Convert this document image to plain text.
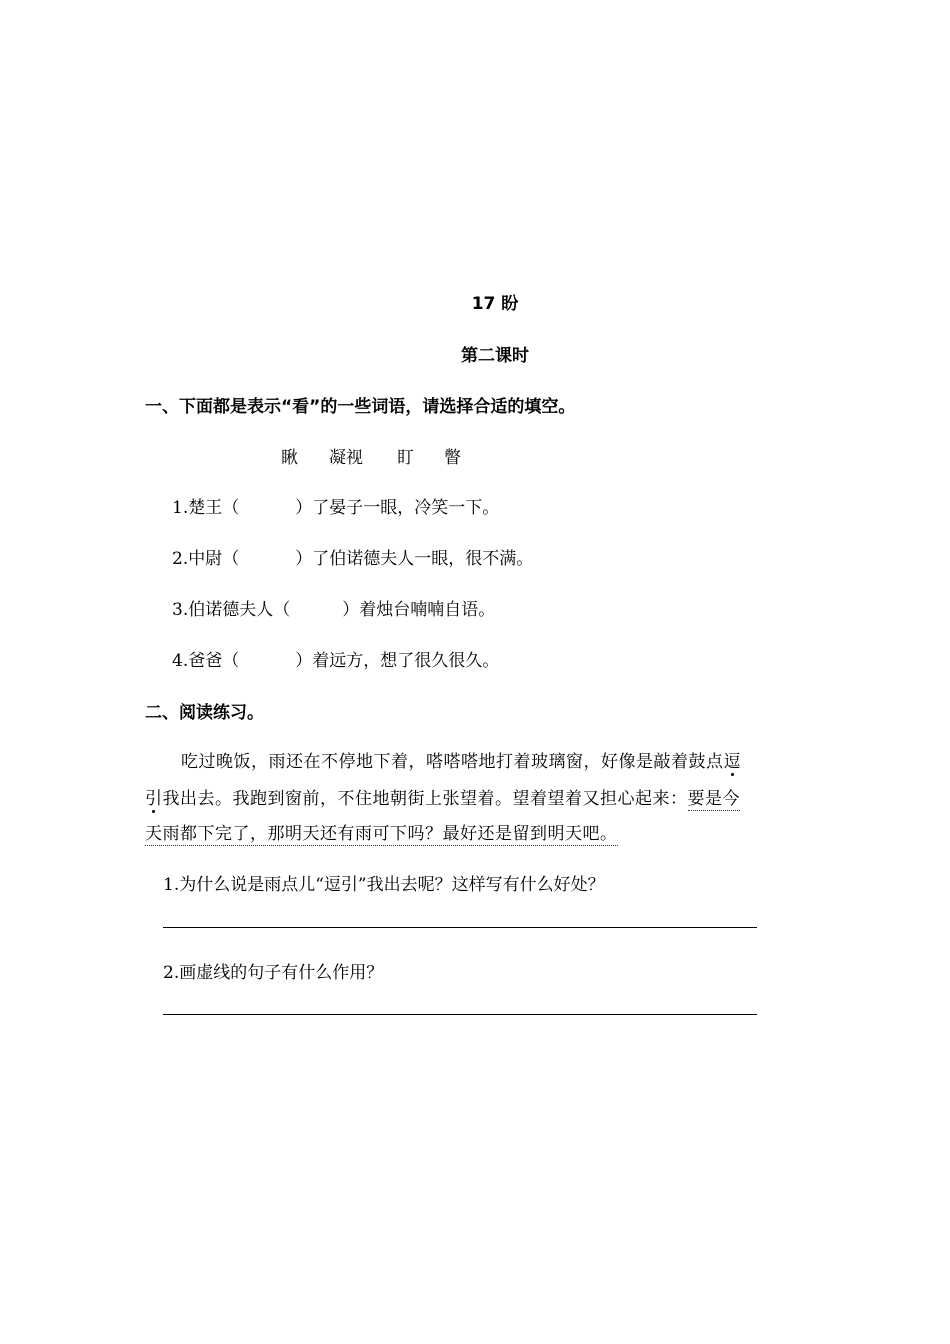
17 盼
第二课时
一、下面都是表示“看”的一些词语，请选择合适的填空。
瞅 凝视 盯 瞥
1.楚王（	）了晏子一眼，冷笑一下。
2.中尉（	）了伯诺德夫人一眼，很不满。
3.伯诺德夫人（	）着烛台喃喃自语。
4.爸爸（	）着远方，想了很久很久。
二、阅读练习。
吃过晚饭，雨还在不停地下着，嗒嗒嗒地打着玻璃窗，好像是敲着鼓点逗
引我出去。我跑到窗前，不住地朝街上张望着。望着望着又担心起来：要是今
天雨都下完了，那明天还有雨可下吗？最好还是留到明天吧。
1.为什么说是雨点儿“逗引”我出去呢？这样写有什么好处？
2.画虚线的句子有什么作用？
